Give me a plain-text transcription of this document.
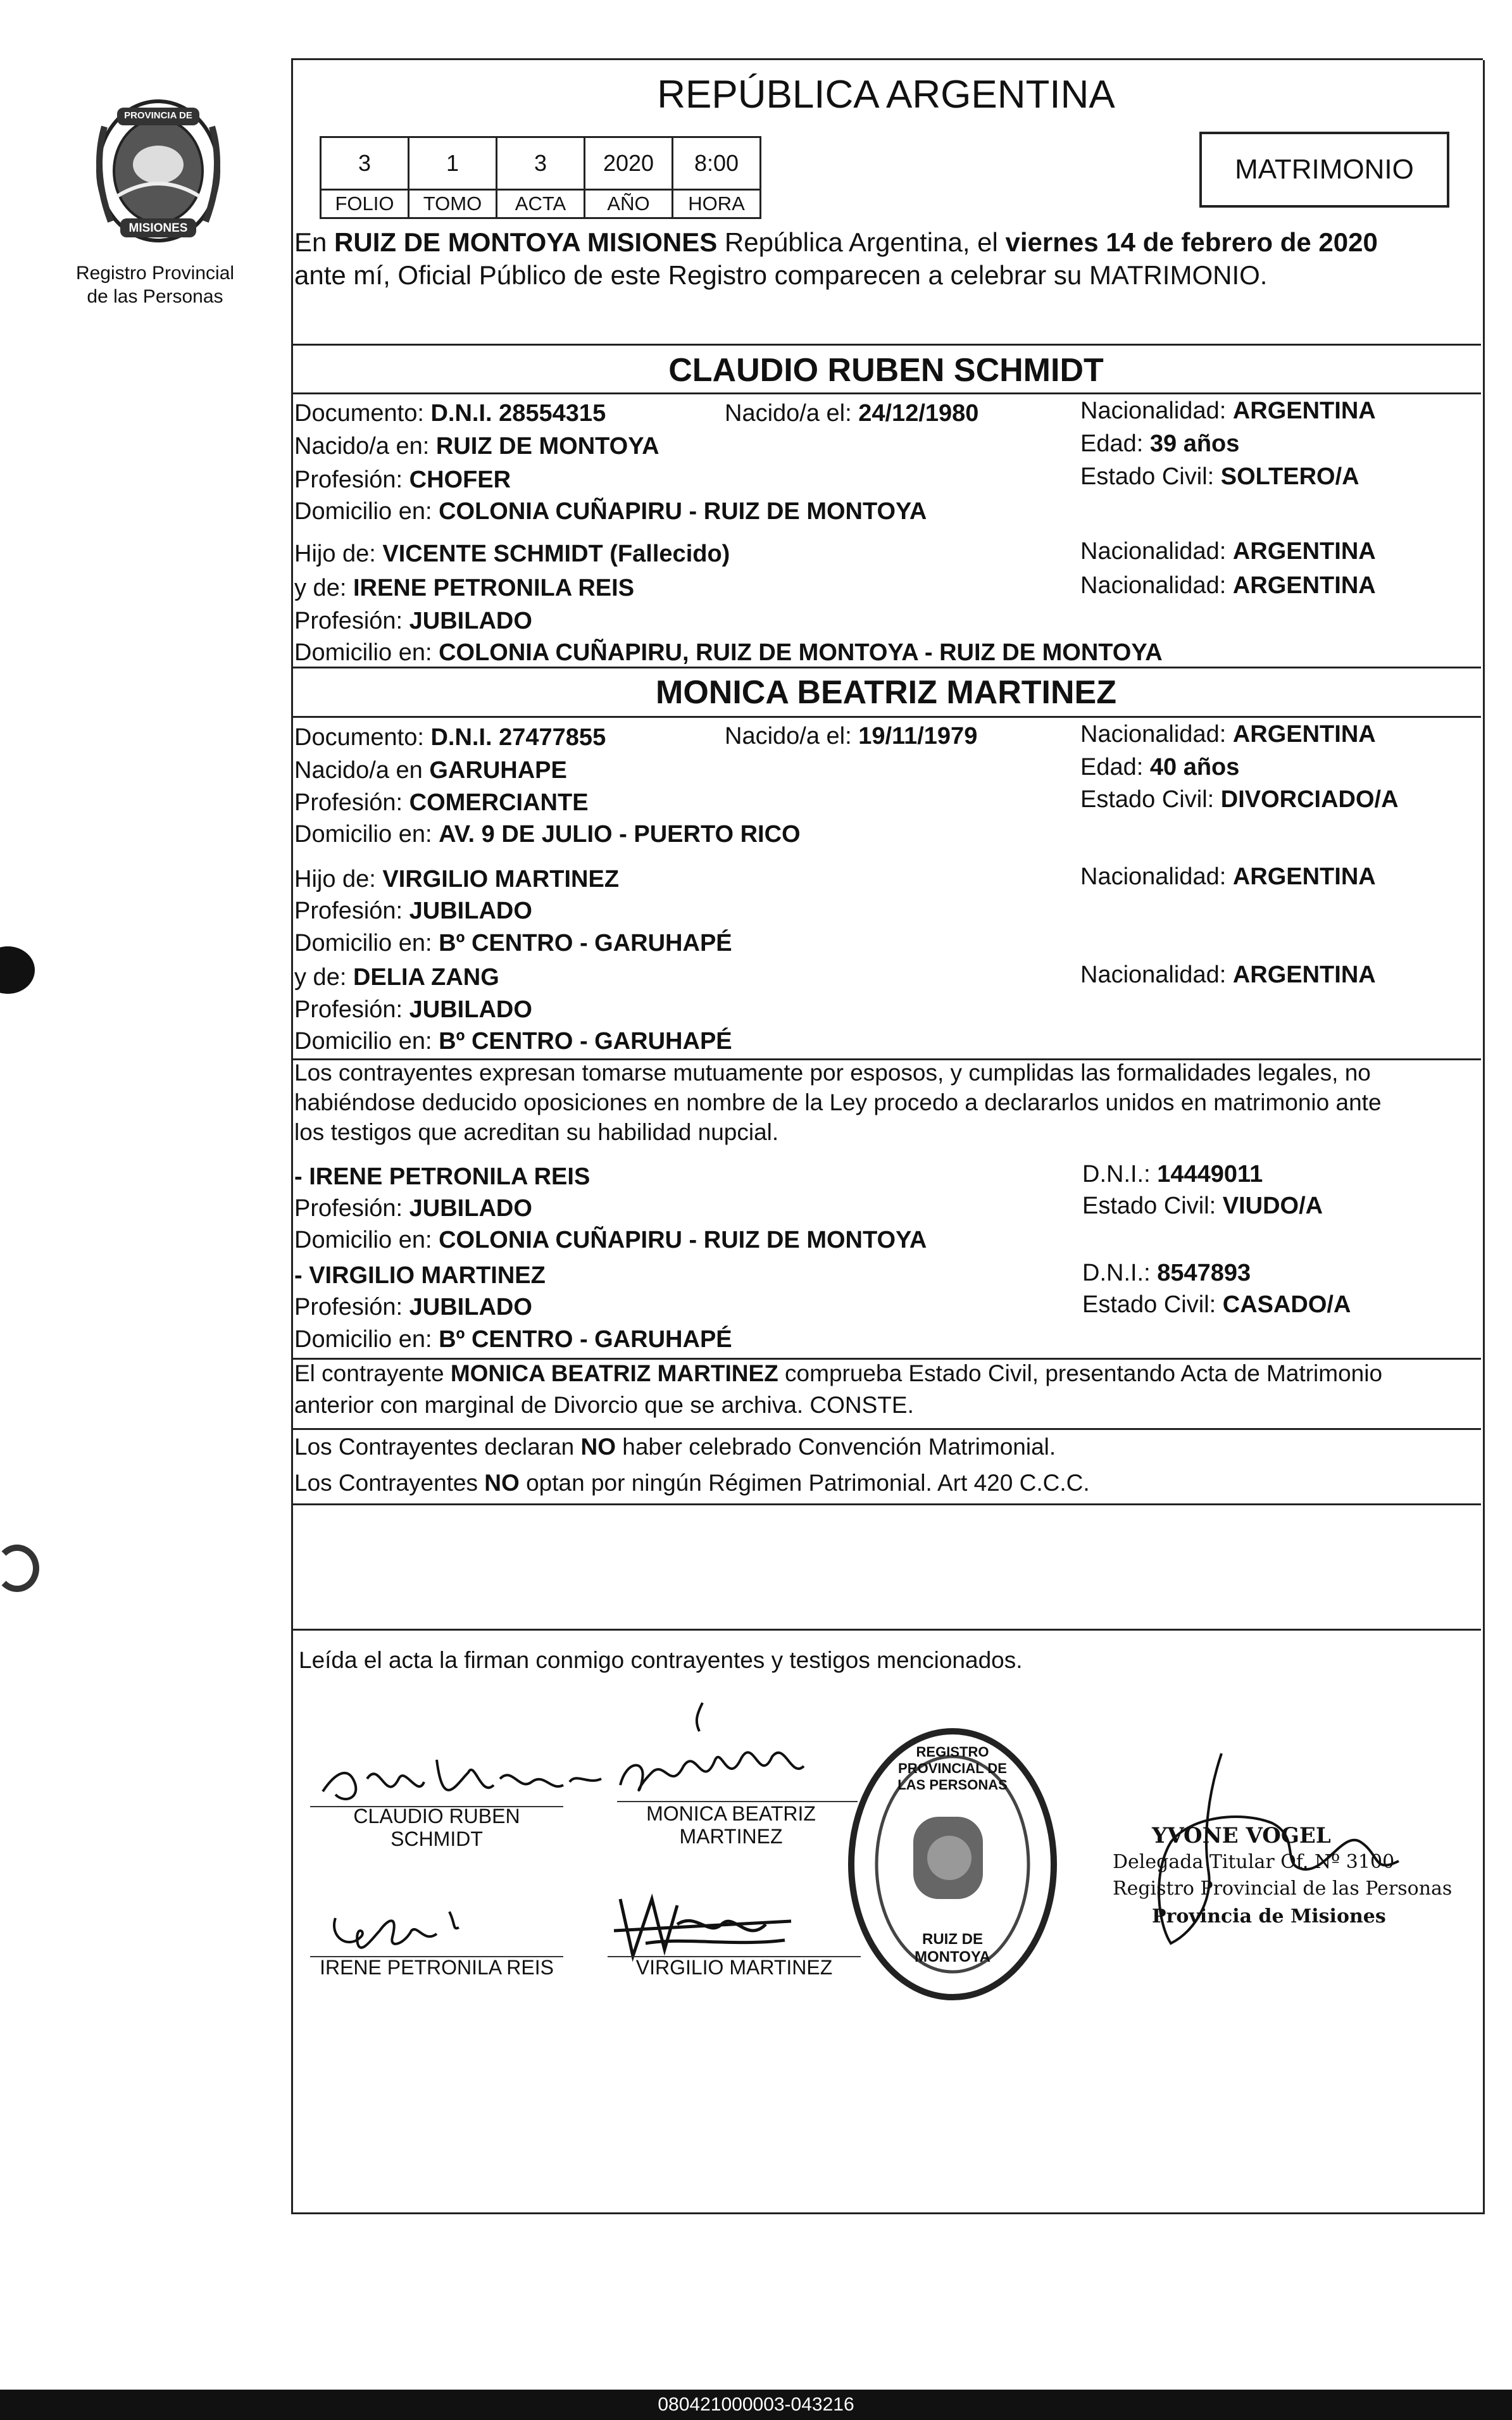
PROVINCIA DE
MISIONES
Registro Provincial
de las Personas
REPÚBLICA ARGENTINA
3	1	3	2020	8:00
FOLIO	TOMO	ACTA	AÑO	HORA
MATRIMONIO
En RUIZ DE MONTOYA MISIONES República Argentina, el viernes 14 de febrero de 2020
ante mí, Oficial Público de este Registro comparecen a celebrar su MATRIMONIO.
CLAUDIO RUBEN SCHMIDT
Documento: D.N.I. 28554315	Nacido/a el: 24/12/1980	Nacionalidad: ARGENTINA
Nacido/a en: RUIZ DE MONTOYA	Edad: 39 años
Profesión: CHOFER	Estado Civil: SOLTERO/A
Domicilio en: COLONIA CUÑAPIRU - RUIZ DE MONTOYA
Hijo de: VICENTE SCHMIDT (Fallecido)	Nacionalidad: ARGENTINA
y de: IRENE PETRONILA REIS	Nacionalidad: ARGENTINA
Profesión: JUBILADO
Domicilio en: COLONIA CUÑAPIRU, RUIZ DE MONTOYA - RUIZ DE MONTOYA
MONICA BEATRIZ MARTINEZ
Documento: D.N.I. 27477855	Nacido/a el: 19/11/1979	Nacionalidad: ARGENTINA
Nacido/a en GARUHAPE	Edad: 40 años
Profesión: COMERCIANTE	Estado Civil: DIVORCIADO/A
Domicilio en: AV. 9 DE JULIO - PUERTO RICO
Hijo de: VIRGILIO MARTINEZ	Nacionalidad: ARGENTINA
Profesión: JUBILADO
Domicilio en: Bº CENTRO - GARUHAPÉ
y de: DELIA ZANG	Nacionalidad: ARGENTINA
Profesión: JUBILADO
Domicilio en: Bº CENTRO - GARUHAPÉ
Los contrayentes expresan tomarse mutuamente por esposos, y cumplidas las formalidades legales, no
habiéndose deducido oposiciones en nombre de la Ley procedo a declararlos unidos en matrimonio ante
los testigos que acreditan su habilidad nupcial.
- IRENE PETRONILA REIS	D.N.I.: 14449011
Profesión: JUBILADO	Estado Civil: VIUDO/A
Domicilio en: COLONIA CUÑAPIRU - RUIZ DE MONTOYA
- VIRGILIO MARTINEZ	D.N.I.: 8547893
Profesión: JUBILADO	Estado Civil: CASADO/A
Domicilio en: Bº CENTRO - GARUHAPÉ
El contrayente MONICA BEATRIZ MARTINEZ comprueba Estado Civil, presentando Acta de Matrimonio
anterior con marginal de Divorcio que se archiva. CONSTE.
Los Contrayentes declaran NO haber celebrado Convención Matrimonial.
Los Contrayentes NO optan por ningún Régimen Patrimonial. Art 420 C.C.C.
Leída el acta la firman conmigo contrayentes y testigos mencionados.
CLAUDIO RUBEN
SCHMIDT
MONICA BEATRIZ
MARTINEZ
IRENE PETRONILA REIS	VIRGILIO MARTINEZ
REGISTRO PROVINCIAL DE LAS PERSONAS
RUIZ DE MONTOYA
YVONE VOGEL
Delegada Titular Of. Nº 3100
Registro Provincial de las Personas
Provincia de Misiones
080421000003-043216
